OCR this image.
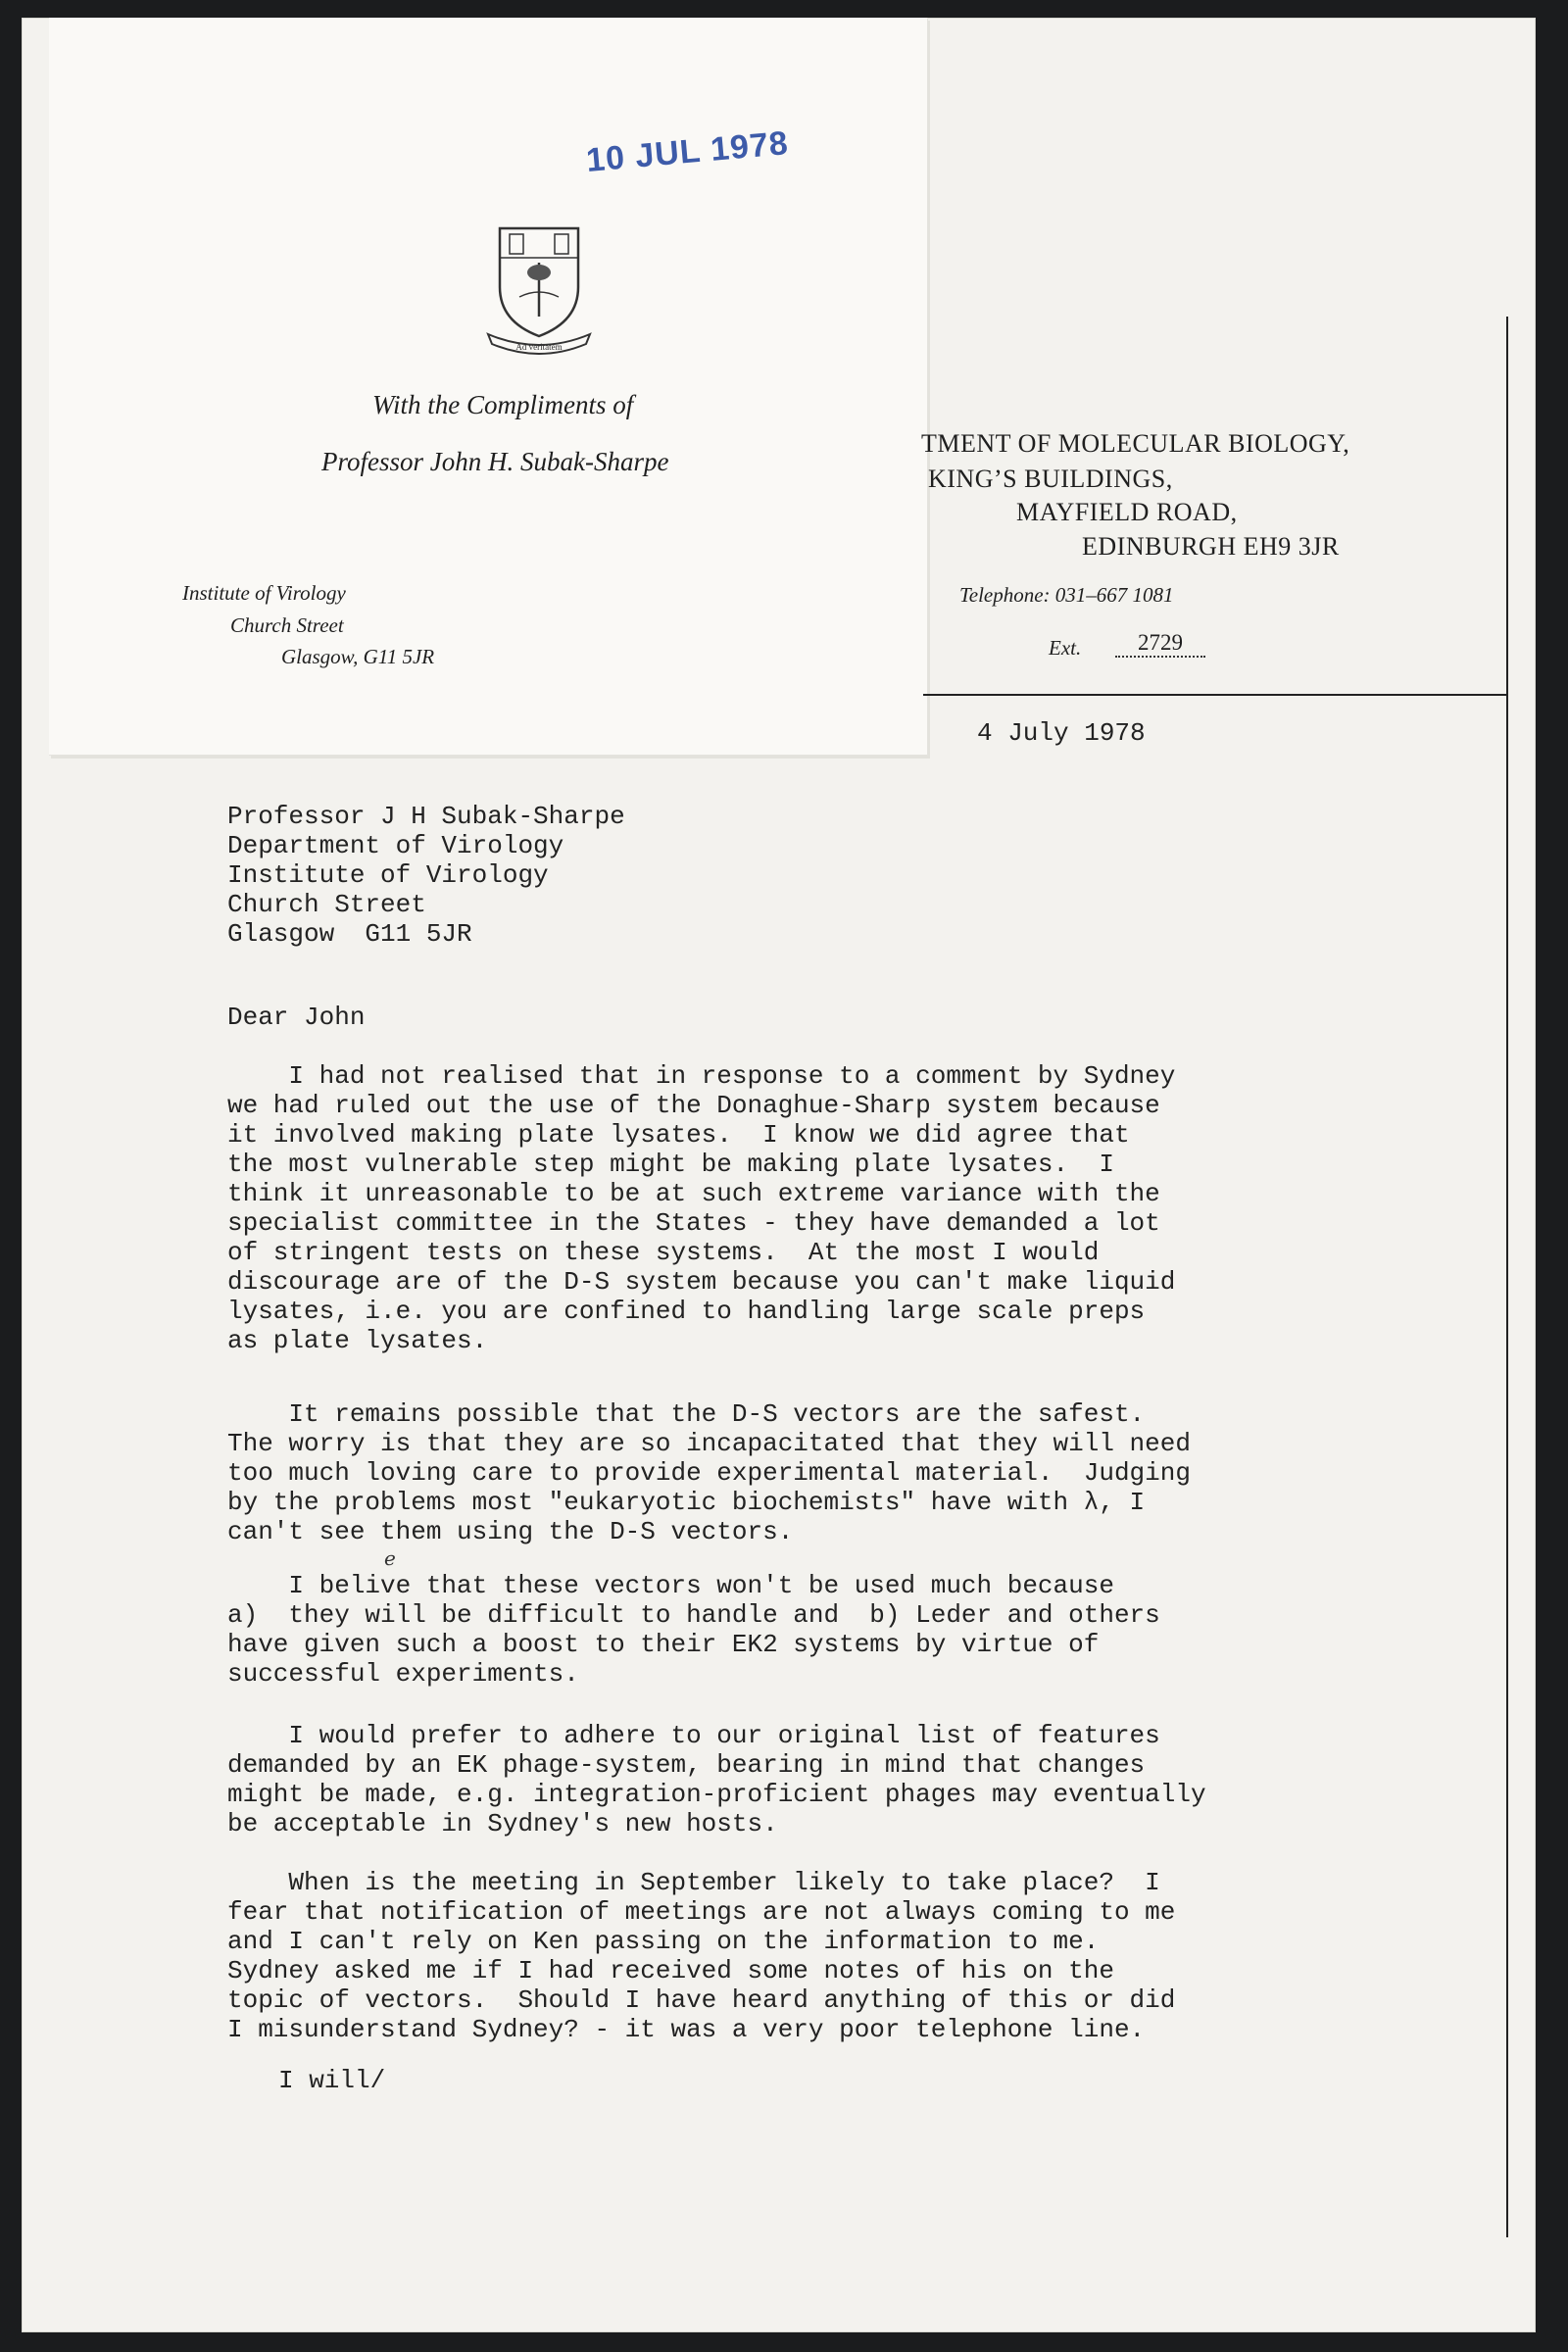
10 JUL 1978
Ad veritatem
With the Compliments of
Professor John H. Subak-Sharpe
Institute of Virology
Church Street
Glasgow, G11 5JR
TMENT OF MOLECULAR BIOLOGY,
KING’S BUILDINGS,
MAYFIELD ROAD,
EDINBURGH EH9 3JR
Telephone: 031–667 1081
Ext.	2729
4 July 1978
Professor J H Subak-Sharpe
Department of Virology
Institute of Virology
Church Street
Glasgow  G11 5JR
Dear John
I had not realised that in response to a comment by Sydney
we had ruled out the use of the Donaghue-Sharp system because
it involved making plate lysates.  I know we did agree that
the most vulnerable step might be making plate lysates.  I
think it unreasonable to be at such extreme variance with the
specialist committee in the States - they have demanded a lot
of stringent tests on these systems.  At the most I would
discourage are of the D-S system because you can't make liquid
lysates, i.e. you are confined to handling large scale preps
as plate lysates.
It remains possible that the D-S vectors are the safest.
The worry is that they are so incapacitated that they will need
too much loving care to provide experimental material.  Judging
by the problems most "eukaryotic biochemists" have with λ, I
can't see them using the D-S vectors.
I belive that these vectors won't be used much because
a)  they will be difficult to handle and  b) Leder and others
have given such a boost to their EK2 systems by virtue of
successful experiments.
I would prefer to adhere to our original list of features
demanded by an EK phage-system, bearing in mind that changes
might be made, e.g. integration-proficient phages may eventually
be acceptable in Sydney's new hosts.
When is the meeting in September likely to take place?  I
fear that notification of meetings are not always coming to me
and I can't rely on Ken passing on the information to me.
Sydney asked me if I had received some notes of his on the
topic of vectors.  Should I have heard anything of this or did
I misunderstand Sydney? - it was a very poor telephone line.
I will/
e
